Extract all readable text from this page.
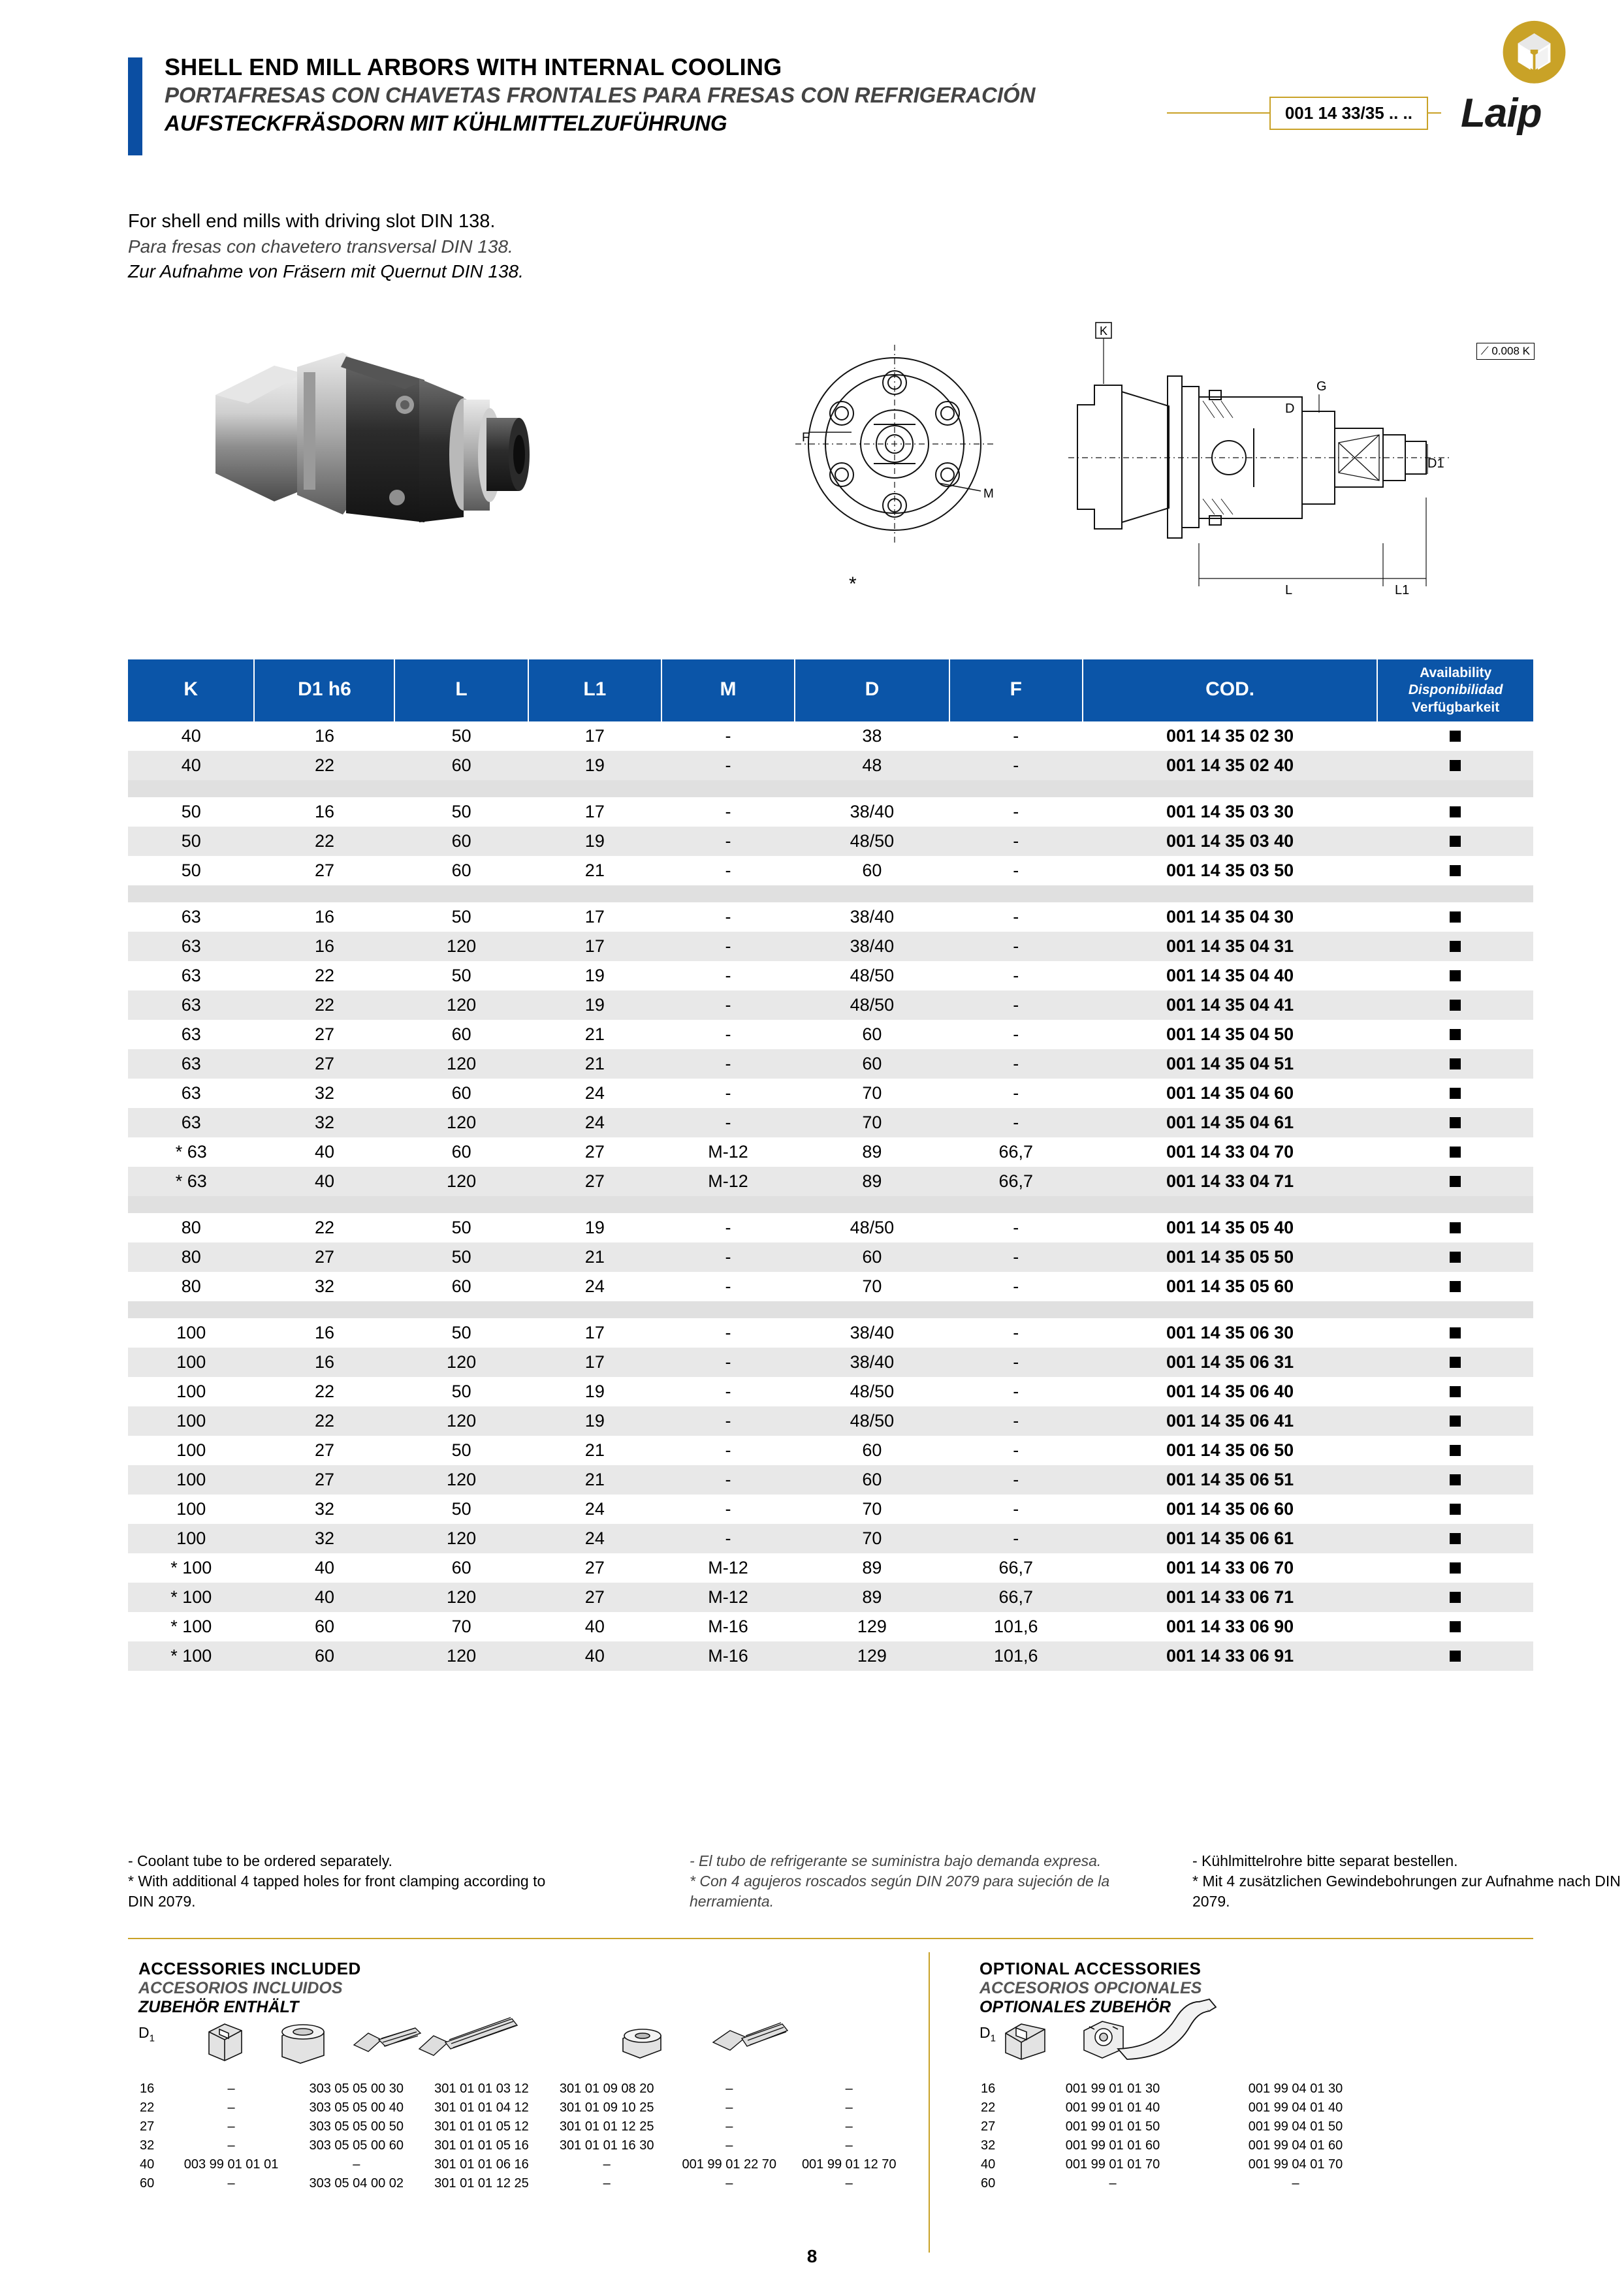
SHELL END MILL ARBORS WITH INTERNAL COOLING
PORTAFRESAS CON CHAVETAS FRONTALES PARA FRESAS CON REFRIGERACIÓN
AUFSTECKFRÄSDORN MIT KÜHLMITTELZUFÜHRUNG	001 14 33/35 .. ..	Laip
For shell end mills with driving slot DIN 138.
Para fresas con chavetero transversal DIN 138.
Zur Aufnahme von Fräsern mit Quernut DIN 138.
F
M
K
G
D
D1
L	L1
⟋ 0.008 K
*
K	D1 h6	L	L1	M	D	F	COD.	Availability
Disponibilidad
Verfügbarkeit

40	16	50	17	-	38	-	001 14 35 02 30	
40	22	60	19	-	48	-	001 14 35 02 40	

50	16	50	17	-	38/40	-	001 14 35 03 30	
50	22	60	19	-	48/50	-	001 14 35 03 40	
50	27	60	21	-	60	-	001 14 35 03 50	

63	16	50	17	-	38/40	-	001 14 35 04 30	
63	16	120	17	-	38/40	-	001 14 35 04 31	
63	22	50	19	-	48/50	-	001 14 35 04 40	
63	22	120	19	-	48/50	-	001 14 35 04 41	
63	27	60	21	-	60	-	001 14 35 04 50	
63	27	120	21	-	60	-	001 14 35 04 51	
63	32	60	24	-	70	-	001 14 35 04 60	
63	32	120	24	-	70	-	001 14 35 04 61	
* 63	40	60	27	M-12	89	66,7	001 14 33 04 70	
* 63	40	120	27	M-12	89	66,7	001 14 33 04 71	

80	22	50	19	-	48/50	-	001 14 35 05 40	
80	27	50	21	-	60	-	001 14 35 05 50	
80	32	60	24	-	70	-	001 14 35 05 60	

100	16	50	17	-	38/40	-	001 14 35 06 30	
100	16	120	17	-	38/40	-	001 14 35 06 31	
100	22	50	19	-	48/50	-	001 14 35 06 40	
100	22	120	19	-	48/50	-	001 14 35 06 41	
100	27	50	21	-	60	-	001 14 35 06 50	
100	27	120	21	-	60	-	001 14 35 06 51	
100	32	50	24	-	70	-	001 14 35 06 60	
100	32	120	24	-	70	-	001 14 35 06 61	
* 100	40	60	27	M-12	89	66,7	001 14 33 06 70	
* 100	40	120	27	M-12	89	66,7	001 14 33 06 71	
* 100	60	70	40	M-16	129	101,6	001 14 33 06 90	
* 100	60	120	40	M-16	129	101,6	001 14 33 06 91	
- Coolant tube to be ordered separately.
* With additional 4 tapped holes for front clamping according to DIN 2079.
- El tubo de refrigerante se suministra bajo demanda expresa.
* Con 4 agujeros roscados según DIN 2079 para sujeción de la herramienta.
- Kühlmittelrohre bitte separat bestellen.
* Mit 4 zusätzlichen Gewindebohrungen zur Aufnahme nach DIN 2079.
ACCESSORIES INCLUDED
ACCESORIOS INCLUIDOS
ZUBEHÖR ENTHÄLT
16	–	303 05 05 00 30	301 01 01 03 12	301 01 09 08 20	–	–
22	–	303 05 05 00 40	301 01 01 04 12	301 01 09 10 25	–	–
27	–	303 05 05 00 50	301 01 01 05 12	301 01 01 12 25	–	–
32	–	303 05 05 00 60	301 01 01 05 16	301 01 01 16 30	–	–
40	003 99 01 01 01	–	301 01 01 06 16	–	001 99 01 22 70	001 99 01 12 70
60	–	303 05 04 00 02	301 01 01 12 25	–	–	–
$D_1$
OPTIONAL ACCESSORIES
ACCESORIOS OPCIONALES
OPTIONALES ZUBEHÖR
16	001 99 01 01 30	001 99 04 01 30
22	001 99 01 01 40	001 99 04 01 40
27	001 99 01 01 50	001 99 04 01 50
32	001 99 01 01 60	001 99 04 01 60
40	001 99 01 01 70	001 99 04 01 70
60	–	–
$D_1$
8
